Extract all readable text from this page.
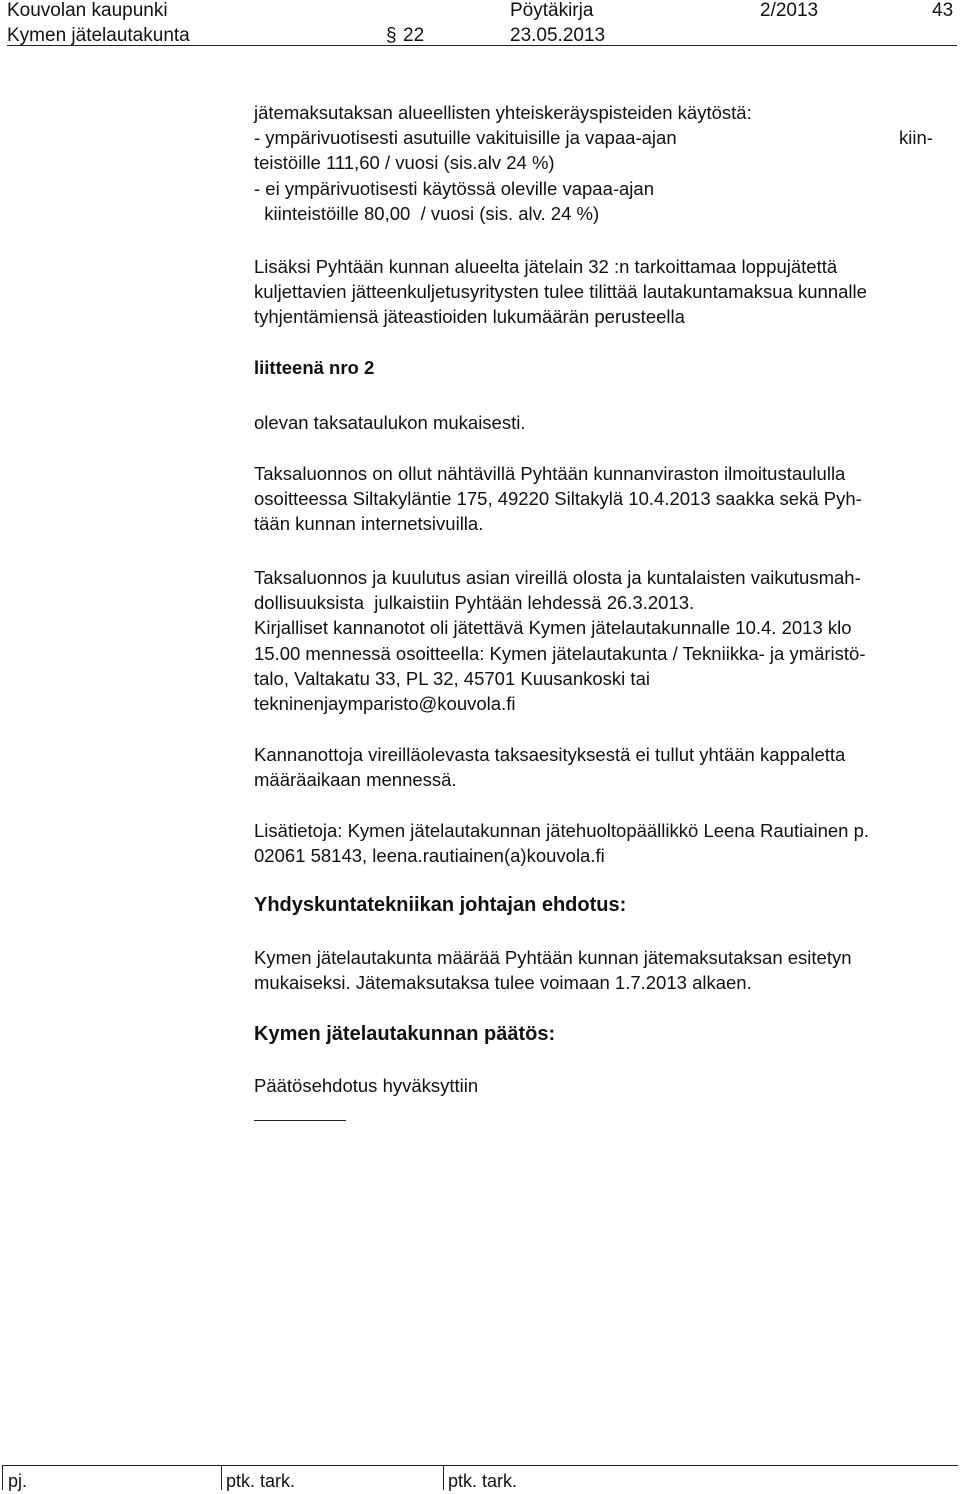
Kouvolan kaupunki	Pöytäkirja	2/2013	43
Kymen jätelautakunta	§ 22	23.05.2013
jätemaksutaksan alueellisten yhteiskeräyspisteiden käytöstä:
- ympärivuotisesti asutuille vakituisille ja vapaa-ajan
teistöille 111,60 / vuosi (sis.alv 24 %)
- ei ympärivuotisesti käytössä oleville vapaa-ajan
kiinteistöille 80,00  / vuosi (sis. alv. 24 %)
kiin-
Lisäksi Pyhtään kunnan alueelta jätelain 32 :n tarkoittamaa loppujätettä
kuljettavien jätteenkuljetusyritysten tulee tilittää lautakuntamaksua kunnalle
tyhjentämiensä jäteastioiden lukumäärän perusteella
liitteenä nro 2
olevan taksataulukon mukaisesti.
Taksaluonnos on ollut nähtävillä Pyhtään kunnanviraston ilmoitustaululla
osoitteessa Siltakyläntie 175, 49220 Siltakylä 10.4.2013 saakka sekä Pyh-
tään kunnan internetsivuilla.
Taksaluonnos ja kuulutus asian vireillä olosta ja kuntalaisten vaikutusmah-
dollisuuksista  julkaistiin Pyhtään lehdessä 26.3.2013.
Kirjalliset kannanotot oli jätettävä Kymen jätelautakunnalle 10.4. 2013 klo
15.00 mennessä osoitteella: Kymen jätelautakunta / Tekniikka- ja ymäristö-
talo, Valtakatu 33, PL 32, 45701 Kuusankoski tai
tekninenjaymparisto@kouvola.fi
Kannanottoja vireilläolevasta taksaesityksestä ei tullut yhtään kappaletta
määräaikaan mennessä.
Lisätietoja: Kymen jätelautakunnan jätehuoltopäällikkö Leena Rautiainen p.
02061 58143, leena.rautiainen(a)kouvola.fi
Yhdyskuntatekniikan johtajan ehdotus:
Kymen jätelautakunta määrää Pyhtään kunnan jätemaksutaksan esitetyn
mukaiseksi. Jätemaksutaksa tulee voimaan 1.7.2013 alkaen.
Kymen jätelautakunnan päätös:
Päätösehdotus hyväksyttiin
pj.	ptk. tark.	ptk. tark.
